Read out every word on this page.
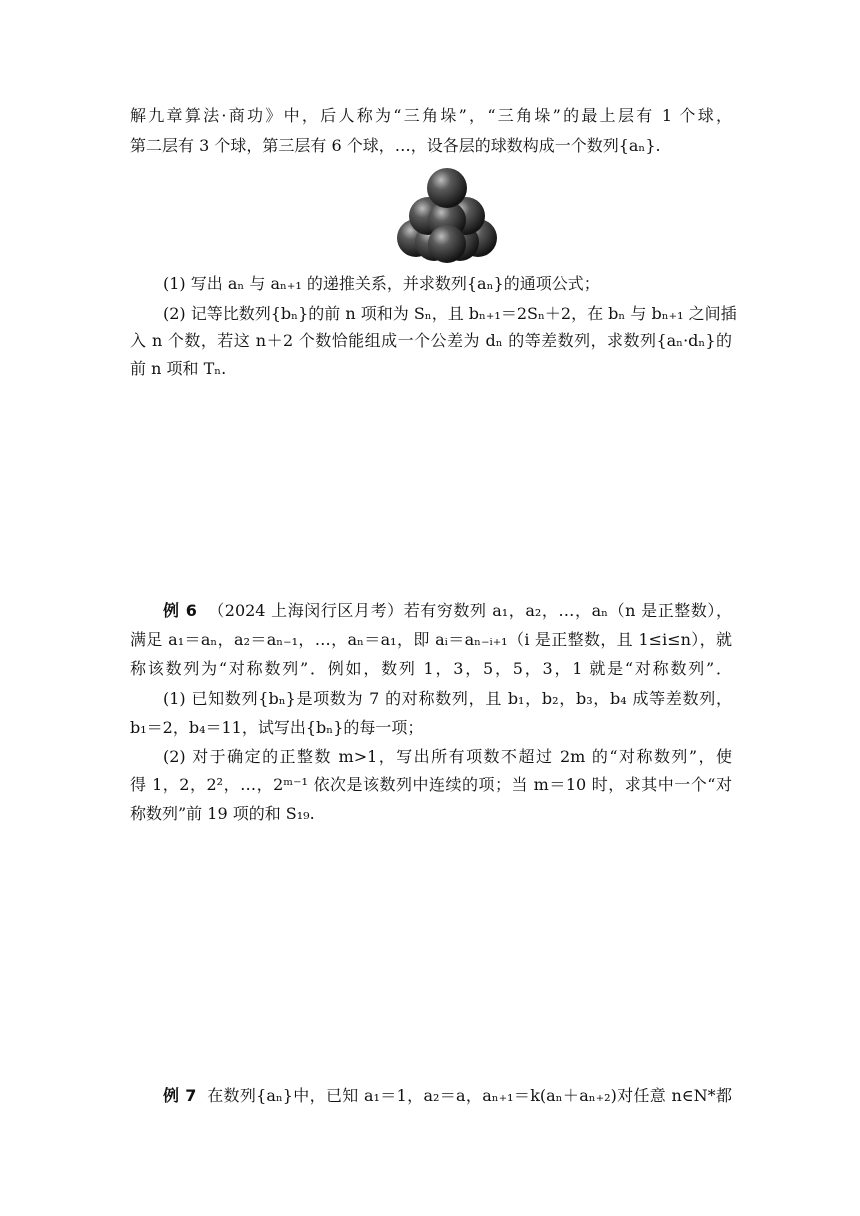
解九章算法·商功》中，后人称为“三角垛”，“三角垛”的最上层有 1 个球，
第二层有 3 个球，第三层有 6 个球，…，设各层的球数构成一个数列{aₙ}.
(1) 写出 aₙ 与 aₙ₊₁ 的递推关系，并求数列{aₙ}的通项公式；
(2) 记等比数列{bₙ}的前 n 项和为 Sₙ，且 bₙ₊₁＝2Sₙ＋2，在 bₙ 与 bₙ₊₁ 之间插
入 n 个数，若这 n＋2 个数恰能组成一个公差为 dₙ 的等差数列，求数列{aₙ·dₙ}的
前 n 项和 Tₙ.
例 6 （2024 上海闵行区月考）若有穷数列 a₁，a₂，…，aₙ（n 是正整数），
满足 a₁＝aₙ，a₂＝aₙ₋₁，…，aₙ＝a₁，即 aᵢ＝aₙ₋ᵢ₊₁（i 是正整数，且 1≤i≤n），就
称该数列为“对称数列”．例如，数列 1，3，5，5，3，1 就是“对称数列”．
(1) 已知数列{bₙ}是项数为 7 的对称数列，且 b₁，b₂，b₃，b₄ 成等差数列，
b₁＝2，b₄＝11，试写出{bₙ}的每一项；
(2) 对于确定的正整数 m>1，写出所有项数不超过 2m 的“对称数列”，使
得 1，2，2²，…，2ᵐ⁻¹ 依次是该数列中连续的项；当 m＝10 时，求其中一个“对
称数列”前 19 项的和 S₁₉.
例 7 在数列{aₙ}中，已知 a₁＝1，a₂＝a，aₙ₊₁＝k(aₙ＋aₙ₊₂)对任意 n∈N*都
